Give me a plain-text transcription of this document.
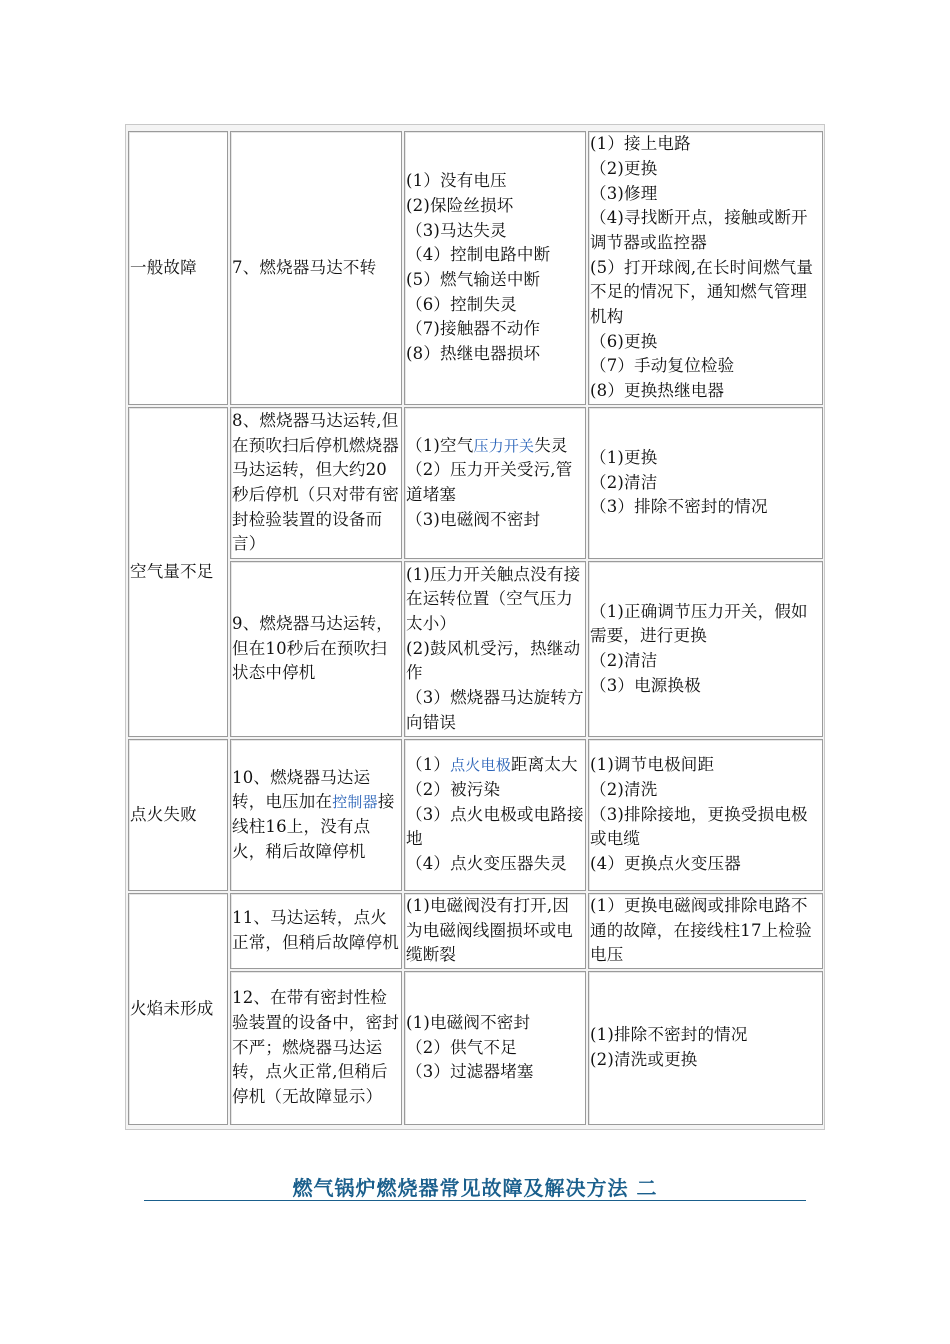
一般故障 7、燃烧器马达不转
(1）没有电压
(2)保险丝损坏
（3)马达失灵
（4）控制电路中断
(5）燃气输送中断
（6）控制失灵
（7)接触器不动作
(8）热继电器损坏
(1）接上电路
（2)更换
（3)修理
（4)寻找断开点，接触或断开调节器或监控器
(5）打开球阀,在长时间燃气量不足的情况下，通知燃气管理机构
（6)更换
（7）手动复位检验
(8）更换热继电器
空气量不足
8、燃烧器马达运转,但在预吹扫后停机燃烧器马达运转，但大约20秒后停机（只对带有密封检验装置的设备而言）
（1)空气压力开关失灵
（2）压力开关受污,管道堵塞
（3)电磁阀不密封
（1)更换
（2)清洁
（3）排除不密封的情况
9、燃烧器马达运转，但在10秒后在预吹扫状态中停机
(1)压力开关触点没有接在运转位置（空气压力太小）
(2)鼓风机受污，热继动作
（3）燃烧器马达旋转方向错误
（1)正确调节压力开关，假如需要，进行更换
（2)清洁
（3）电源换极
点火失败
10、燃烧器马达运转，电压加在控制器接线柱16上，没有点火，稍后故障停机
（1）点火电极距离太大
（2）被污染
（3）点火电极或电路接地
（4）点火变压器失灵
(1)调节电极间距
（2)清洗
（3)排除接地，更换受损电极或电缆
(4）更换点火变压器
火焰未形成
11、马达运转，点火正常，但稍后故障停机
(1)电磁阀没有打开,因为电磁阀线圈损坏或电缆断裂
(1）更换电磁阀或排除电路不通的故障，在接线柱17上检验电压
12、在带有密封性检验装置的设备中，密封不严；燃烧器马达运转，点火正常,但稍后停机（无故障显示）
(1)电磁阀不密封
（2）供气不足
（3）过滤器堵塞
(1)排除不密封的情况
(2)清洗或更换
燃气锅炉燃烧器常见故障及解决方法 二
